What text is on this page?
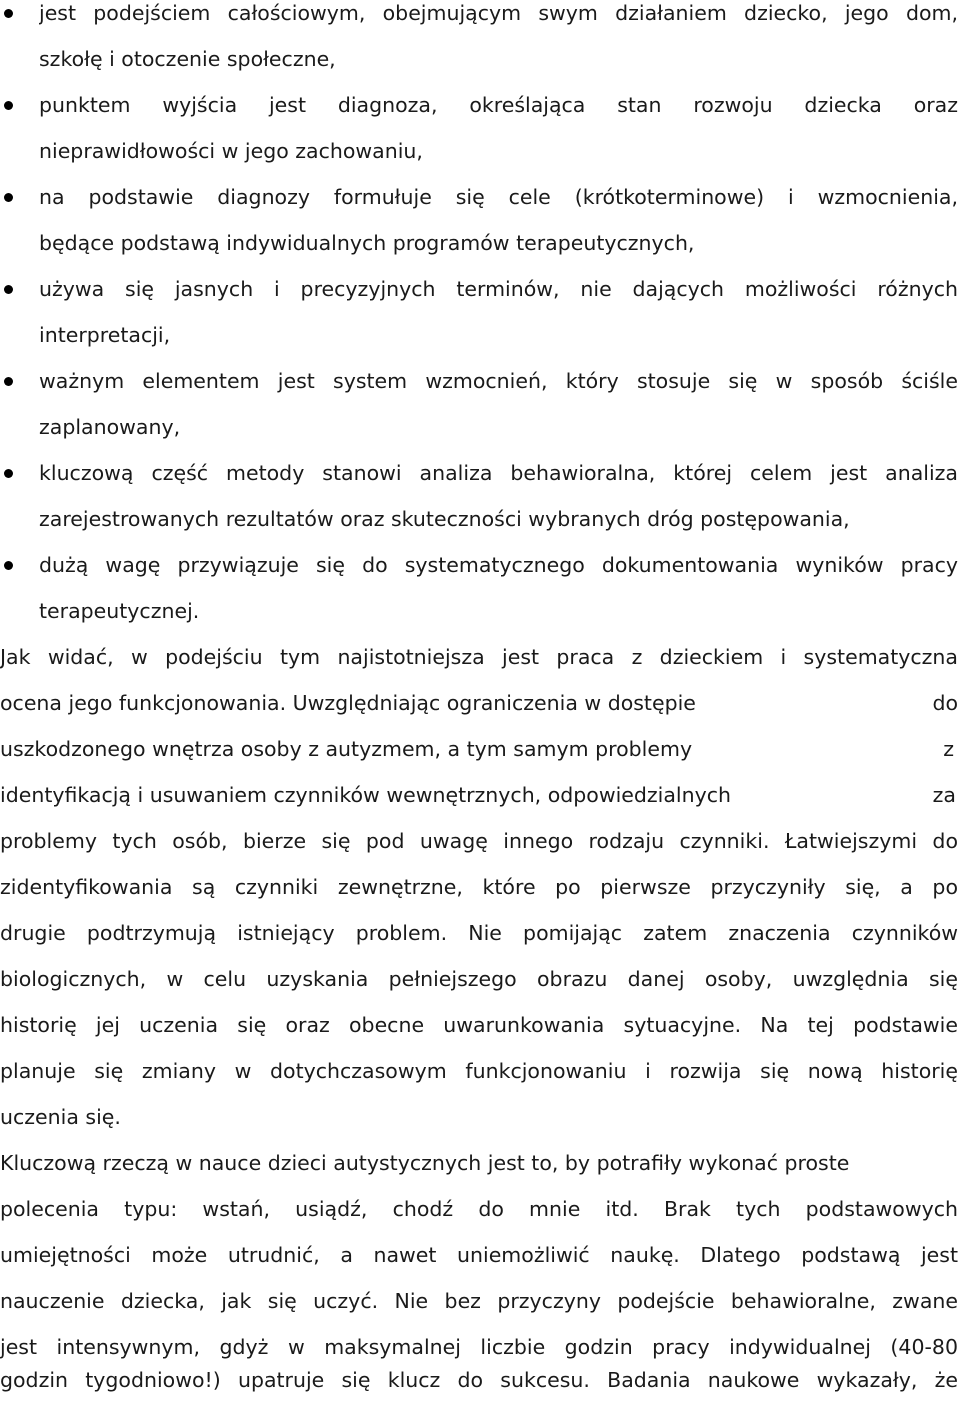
jest podejściem całościowym, obejmującym swym działaniem dziecko, jego dom,
szkołę i otoczenie społeczne,
punktem wyjścia jest diagnoza, określająca stan rozwoju dziecka oraz
nieprawidłowości w jego zachowaniu,
na podstawie diagnozy formułuje się cele (krótkoterminowe) i wzmocnienia,
będące podstawą indywidualnych programów terapeutycznych,
używa się jasnych i precyzyjnych terminów, nie dających możliwości różnych
interpretacji,
ważnym elementem jest system wzmocnień, który stosuje się w sposób ściśle
zaplanowany,
kluczową część metody stanowi analiza behawioralna, której celem jest analiza
zarejestrowanych rezultatów oraz skuteczności wybranych dróg postępowania,
dużą wagę przywiązuje się do systematycznego dokumentowania wyników pracy
terapeutycznej.
Jak widać, w podejściu tym najistotniejsza jest praca z dzieckiem i systematyczna
ocena jego funkcjonowania. Uwzględniając ograniczenia w dostępie	do
uszkodzonego wnętrza osoby z autyzmem, a tym samym problemy	z
identyfikacją i usuwaniem czynników wewnętrznych, odpowiedzialnych	za
problemy tych osób, bierze się pod uwagę innego rodzaju czynniki. Łatwiejszymi do
zidentyfikowania są czynniki zewnętrzne, które po pierwsze przyczyniły się, a po
drugie podtrzymują istniejący problem. Nie pomijając zatem znaczenia czynników
biologicznych, w celu uzyskania pełniejszego obrazu danej osoby, uwzględnia się
historię jej uczenia się oraz obecne uwarunkowania sytuacyjne. Na tej podstawie
planuje się zmiany w dotychczasowym funkcjonowaniu i rozwija się nową historię
uczenia się.
Kluczową rzeczą w nauce dzieci autystycznych jest to, by potrafiły wykonać proste
polecenia typu: wstań, usiądź, chodź do mnie itd. Brak tych podstawowych
umiejętności może utrudnić, a nawet uniemożliwić naukę. Dlatego podstawą jest
nauczenie dziecka, jak się uczyć. Nie bez przyczyny podejście behawioralne, zwane
jest intensywnym, gdyż w maksymalnej liczbie godzin pracy indywidualnej (40-80
godzin tygodniowo!) upatruje się klucz do sukcesu. Badania naukowe wykazały, że
